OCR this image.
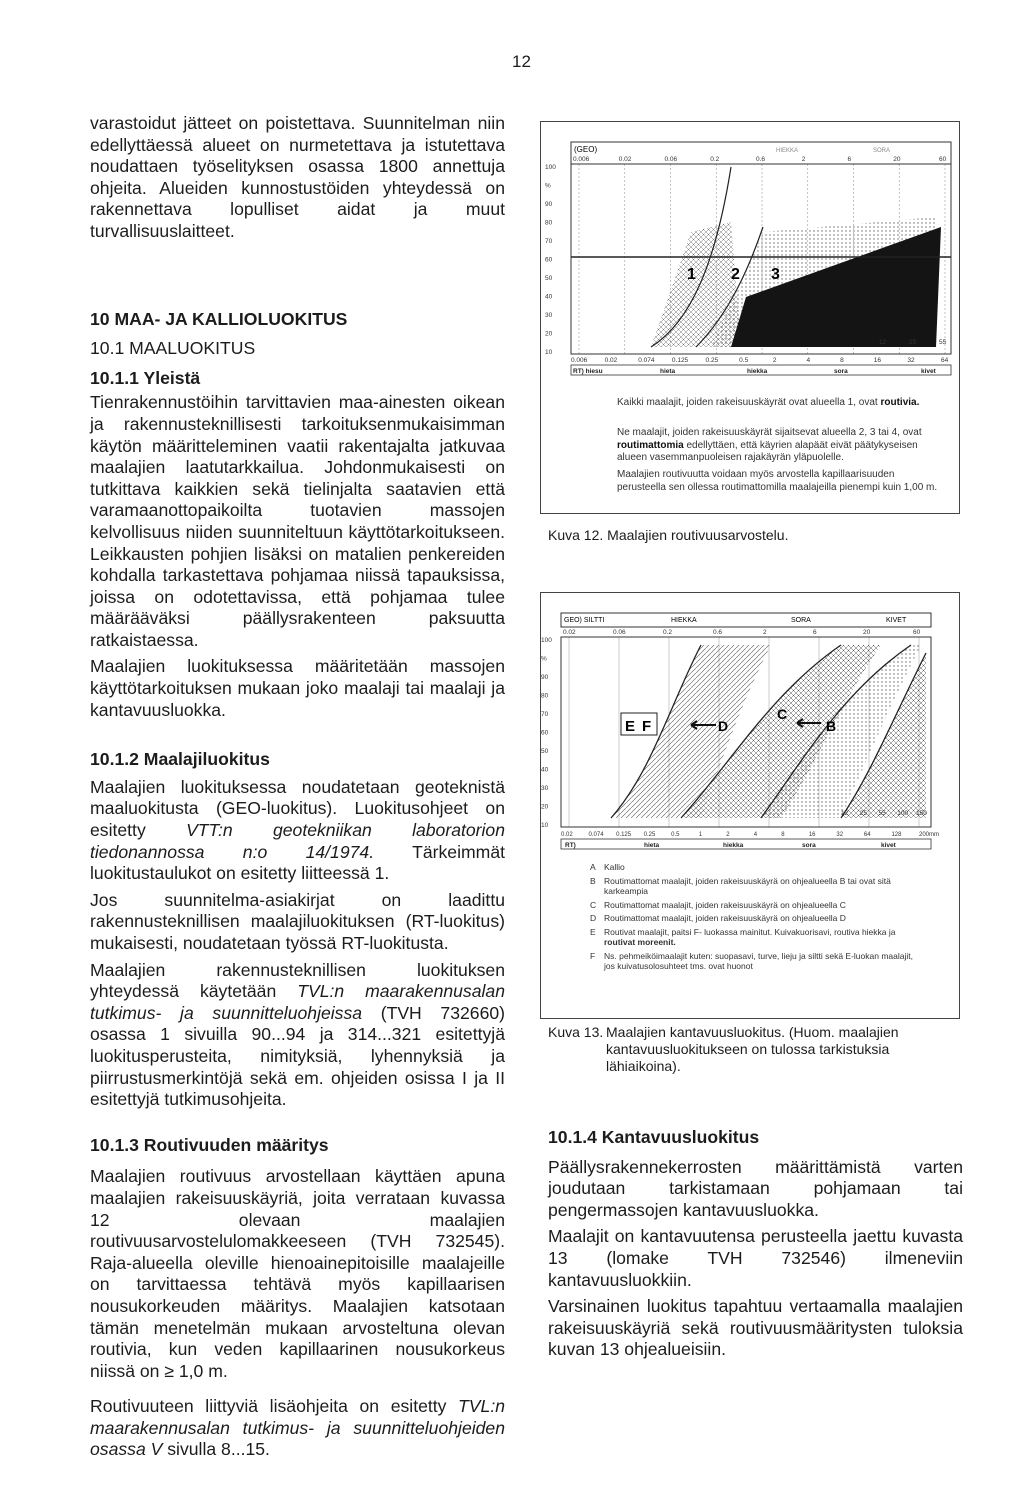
12

varastoidut jätteet on poistettava. Suunnitelman niin edellyttäessä alueet on nurmetettava ja istutettava noudattaen työselityksen osassa 1800 annettuja ohjeita. Alueiden kunnostustöiden yhteydessä on rakennettava lopulliset aidat ja muut turvallisuuslaitteet.

10 MAA- JA KALLIOLUOKITUS
10.1 MAALUOKITUS
10.1.1 Yleistä

Tienrakennustöihin tarvittavien maa-ainesten oikean ja rakennusteknillisesti tarkoituksenmukaisimman käytön määritteleminen vaatii rakentajalta jatkuvaa maalajien laatutarkkailua. Johdonmukaisesti on tutkittava kaikkien sekä tielinjalta saatavien että varamaanottopaikoilta tuotavien massojen kelvollisuus niiden suunniteltuun käyttötarkoitukseen. Leikkausten pohjien lisäksi on matalien penkereiden kohdalla tarkastettava pohjamaa niissä tapauksissa, joissa on odotettavissa, että pohjamaa tulee määrääväksi päällysrakenteen paksuutta ratkaistaessa.

Maalajien luokituksessa määritetään massojen käyttötarkoituksen mukaan joko maalaji tai maalaji ja kantavuusluokka.

10.1.2 Maalajiluokitus

Maalajien luokituksessa noudatetaan geoteknistä maaluokitusta (GEO-luokitus). Luokitusohjeet on esitetty VTT:n geotekniikan laboratorion tiedonannossa n:o 14/1974. Tärkeimmät luokitustaulukot on esitetty liitteessä 1.

Jos suunnitelma-asiakirjat on laadittu rakennusteknillisen maalajiluokituksen (RT-luokitus) mukaisesti, noudatetaan työssä RT-luokitusta.

Maalajien rakennusteknillisen luokituksen yhteydessä käytetään TVL:n maarakennusalan tutkimus- ja suunnitteluohjeissa (TVH 732660) osassa 1 sivuilla 90...94 ja 314...321 esitettyjä luokitusperusteita, nimityksiä, lyhennyksiä ja piirrustusmerkintöjä sekä em. ohjeiden osissa I ja II esitettyjä tutkimusohjeita.

10.1.3 Routivuuden määritys

Maalajien routivuus arvostellaan käyttäen apuna maalajien rakeisuuskäyriä, joita verrataan kuvassa 12 olevaan maalajien routivuusarvostelulomakkeeseen (TVH 732545). Raja-alueella oleville hienoainepitoisille maalajeille on tarvittaessa tehtävä myös kapillaarisen nousukorkeuden määritys. Maalajien katsotaan tämän menetelmän mukaan arvosteltuna olevan routivia, kun veden kapillaarinen nousukorkeus niissä on ≥ 1,0 m.

Routivuuteen liittyviä lisäohjeita on esitetty TVL:n maarakennusalan tutkimus- ja suunnitteluohjeiden osassa V sivulla 8...15.

(GEO)	HIEKKA	SORA
0.006	0.02	0.06	0.2	0.6	2	6	20	60
100
%
90
80
70
60
50
40
30
20
10
1 2 3
12	25	55
0.006	0.02	0.074	0.125	0.25	0.5	2	4	8	16	32	64
RT) hiesu	hieta	hiekka	sora	kivet
Kaikki maalajit, joiden rakeisuuskäyrät ovat alueella 1, ovat routivia.
Ne maalajit, joiden rakeisuuskäyrät sijaitsevat alueella 2, 3 tai 4, ovat routimattomia edellyttäen, että käyrien alapäät eivät päätykyseisen alueen vasemmanpuoleisen rajakäyrän yläpuolelle.
Maalajien routivuutta voidaan myös arvostella kapillaarisuuden perusteella sen ollessa routimattomilla maalajeilla pienempi kuin 1,00 m.
Kuva 12. Maalajien routivuusarvostelu.
GEO) SILTTI	HIEKKA	SORA	KIVET
0.02	0.06	0.2	0.6	2	6	20	60
100
%
90
80
70
60
50
40
30
20
10
E F	D
C
B
12 25 55 100 150
0.02	0.074 0.125 0.25	0.5	1	2	4	8	16	32	64	128	200mm
RT)	hieta	hiekka	sora	kivet
A Kallio
B Routimattomat maalajit, joiden rakeisuuskäyrä on ohjealueella B tai ovat sitä karkeampia
C Routimattomat maalajit, joiden rakeisuuskäyrä on ohjealueella C
D Routimattomat maalajit, joiden rakeisuuskäyrä on ohjealueella D
E Routivat maalajit, paitsi F- luokassa mainitut. Kuivakuorisavi, routiva hiekka ja routivat moreenit.
F	Ns. pehmeiköimaalajit kuten: suopasavi, turve, lieju ja siltti sekä E-luokan maalajit, jos kuivatusolosuhteet tms. ovat huonot
Kuva 13. Maalajien kantavuusluokitus. (Huom. maalajien kantavuusluokitukseen on tulossa tarkistuksia lähiaikoina).
10.1.4 Kantavuusluokitus

Päällysrakennekerrosten määrittämistä varten joudutaan tarkistamaan pohjamaan tai pengermassojen kantavuusluokka.

Maalajit on kantavuutensa perusteella jaettu kuvasta 13 (lomake TVH 732546) ilmeneviin kantavuusluokkiin.

Varsinainen luokitus tapahtuu vertaamalla maalajien rakeisuuskäyriä sekä routivuusmääritysten tuloksia kuvan 13 ohjealueisiin.
